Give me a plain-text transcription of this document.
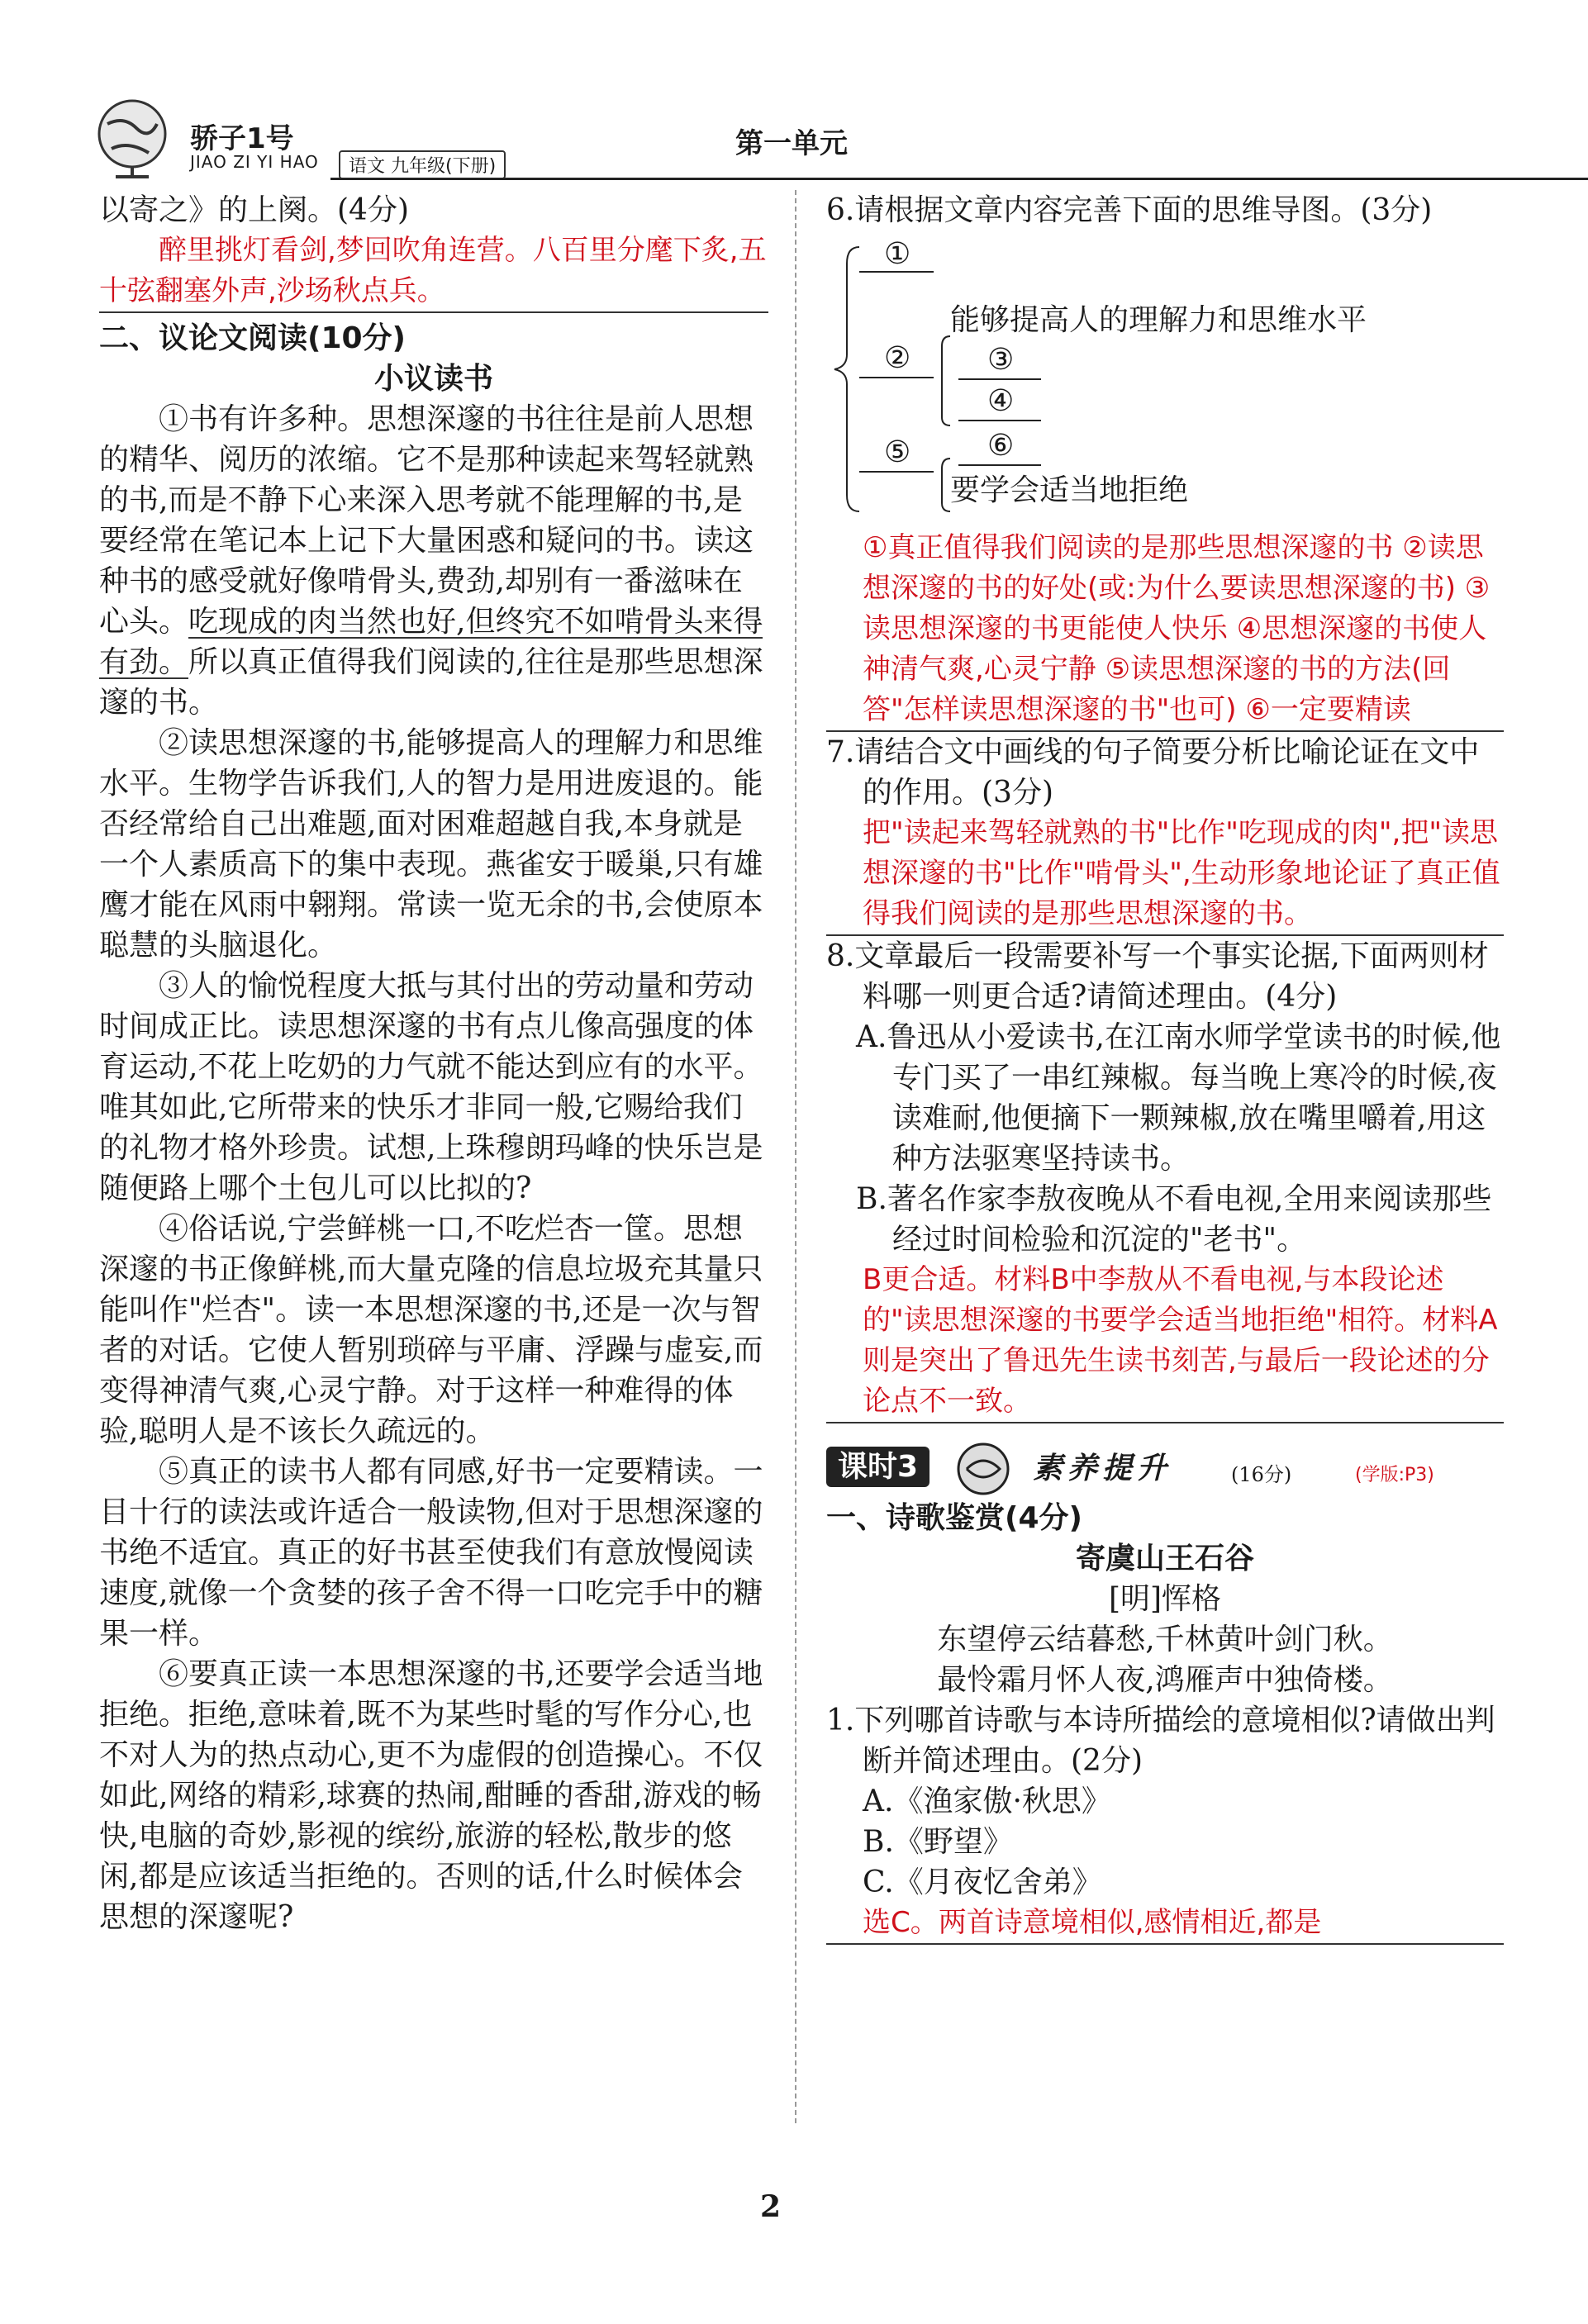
骄子1号
JIAO ZI YI HAO	语文 九年级(下册)
第一单元

以寄之》的上阕。(4分)

醉里挑灯看剑,梦回吹角连营。八百里分麾下炙,五十弦翻塞外声,沙场秋点兵。

二、议论文阅读(10分)

小议读书

①书有许多种。思想深邃的书往往是前人思想的精华、阅历的浓缩。它不是那种读起来驾轻就熟的书,而是不静下心来深入思考就不能理解的书,是要经常在笔记本上记下大量困惑和疑问的书。读这种书的感受就好像啃骨头,费劲,却别有一番滋味在心头。吃现成的肉当然也好,但终究不如啃骨头来得有劲。所以真正值得我们阅读的,往往是那些思想深邃的书。

②读思想深邃的书,能够提高人的理解力和思维水平。生物学告诉我们,人的智力是用进废退的。能否经常给自己出难题,面对困难超越自我,本身就是一个人素质高下的集中表现。燕雀安于暖巢,只有雄鹰才能在风雨中翱翔。常读一览无余的书,会使原本聪慧的头脑退化。

③人的愉悦程度大抵与其付出的劳动量和劳动时间成正比。读思想深邃的书有点儿像高强度的体育运动,不花上吃奶的力气就不能达到应有的水平。唯其如此,它所带来的快乐才非同一般,它赐给我们的礼物才格外珍贵。试想,上珠穆朗玛峰的快乐岂是随便路上哪个土包儿可以比拟的?

④俗话说,宁尝鲜桃一口,不吃烂杏一筐。思想深邃的书正像鲜桃,而大量克隆的信息垃圾充其量只能叫作"烂杏"。读一本思想深邃的书,还是一次与智者的对话。它使人暂别琐碎与平庸、浮躁与虚妄,而变得神清气爽,心灵宁静。对于这样一种难得的体验,聪明人是不该长久疏远的。

⑤真正的读书人都有同感,好书一定要精读。一目十行的读法或许适合一般读物,但对于思想深邃的书绝不适宜。真正的好书甚至使我们有意放慢阅读速度,就像一个贪婪的孩子舍不得一口吃完手中的糖果一样。

⑥要真正读一本思想深邃的书,还要学会适当地拒绝。拒绝,意味着,既不为某些时髦的写作分心,也不对人为的热点动心,更不为虚假的创造操心。不仅如此,网络的精彩,球赛的热闹,酣睡的香甜,游戏的畅快,电脑的奇妙,影视的缤纷,旅游的轻松,散步的悠闲,都是应该适当拒绝的。否则的话,什么时候体会思想的深邃呢?

6.请根据文章内容完善下面的思维导图。(3分)

①
②
⑤
能够提高人的理解力和思维水平
③
④
⑥
要学会适当地拒绝

①真正值得我们阅读的是那些思想深邃的书 ②读思想深邃的书的好处(或:为什么要读思想深邃的书) ③读思想深邃的书更能使人快乐 ④思想深邃的书使人神清气爽,心灵宁静 ⑤读思想深邃的书的方法(回答"怎样读思想深邃的书"也可) ⑥一定要精读

7.请结合文中画线的句子简要分析比喻论证在文中的作用。(3分)

把"读起来驾轻就熟的书"比作"吃现成的肉",把"读思想深邃的书"比作"啃骨头",生动形象地论证了真正值得我们阅读的是那些思想深邃的书。

8.文章最后一段需要补写一个事实论据,下面两则材料哪一则更合适?请简述理由。(4分)

A.鲁迅从小爱读书,在江南水师学堂读书的时候,他专门买了一串红辣椒。每当晚上寒冷的时候,夜读难耐,他便摘下一颗辣椒,放在嘴里嚼着,用这种方法驱寒坚持读书。

B.著名作家李敖夜晚从不看电视,全用来阅读那些经过时间检验和沉淀的"老书"。

B更合适。材料B中李敖从不看电视,与本段论述的"读思想深邃的书要学会适当地拒绝"相符。材料A则是突出了鲁迅先生读书刻苦,与最后一段论述的分论点不一致。

课时3	素养提升	(16分)	(学版:P3)

一、诗歌鉴赏(4分)

寄虞山王石谷

[明]恽格

东望停云结暮愁,千林黄叶剑门秋。

最怜霜月怀人夜,鸿雁声中独倚楼。

1.下列哪首诗歌与本诗所描绘的意境相似?请做出判断并简述理由。(2分)

A.《渔家傲·秋思》

B.《野望》

C.《月夜忆舍弟》

选C。两首诗意境相似,感情相近,都是

2
